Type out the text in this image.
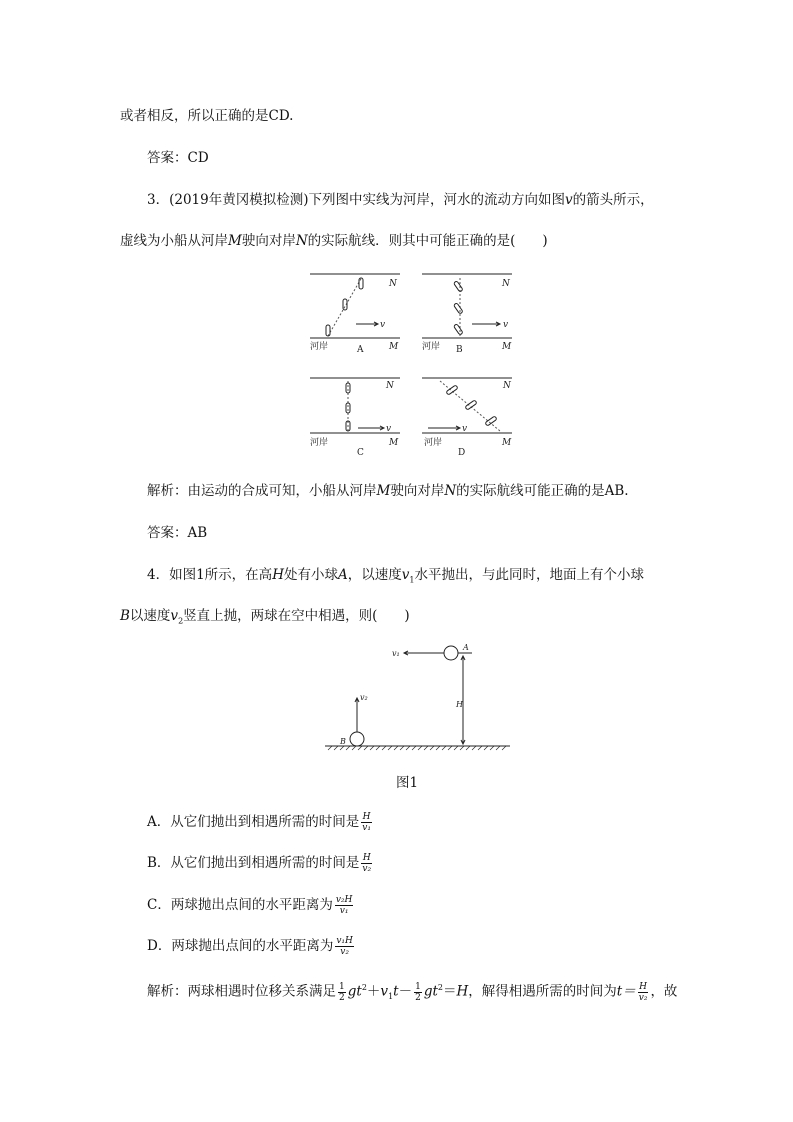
或者相反，所以正确的是CD.
答案：CD
3．(2019年黄冈模拟检测)下列图中实线为河岸，河水的流动方向如图v的箭头所示，
虚线为小船从河岸M驶向对岸N的实际航线．则其中可能正确的是(　　)
N
v
河岸	A	M
N
v
河岸 B	M
N
v
河岸
C
M
N
v
河岸
D
M
解析：由运动的合成可知，小船从河岸M驶向对岸N的实际航线可能正确的是AB.
答案：AB
4．如图1所示，在高H处有小球A，以速度$v_1$水平抛出，与此同时，地面上有个小球
B以速度$v_2$竖直上抛，两球在空中相遇，则(　　)
v₁
A
v₂
H
B
图1
A．从它们抛出到相遇所需的时间是 $\frac{H}{\text{v₁}}$
B．从它们抛出到相遇所需的时间是 $\frac{H}{\text{v₂}}$
C．两球抛出点间的水平距离为 $\frac{\text{v₂H}}{\text{v₁}}$
D．两球抛出点间的水平距离为 $\frac{\text{v₁H}}{\text{v₂}}$
解析：两球相遇时位移关系满足 $\frac{1}{2} gt^2+v_1t- \frac{1}{2} gt^2=H$，解得相遇所需的时间为$t= \frac{H}{\text{v₂}}$ ，故
